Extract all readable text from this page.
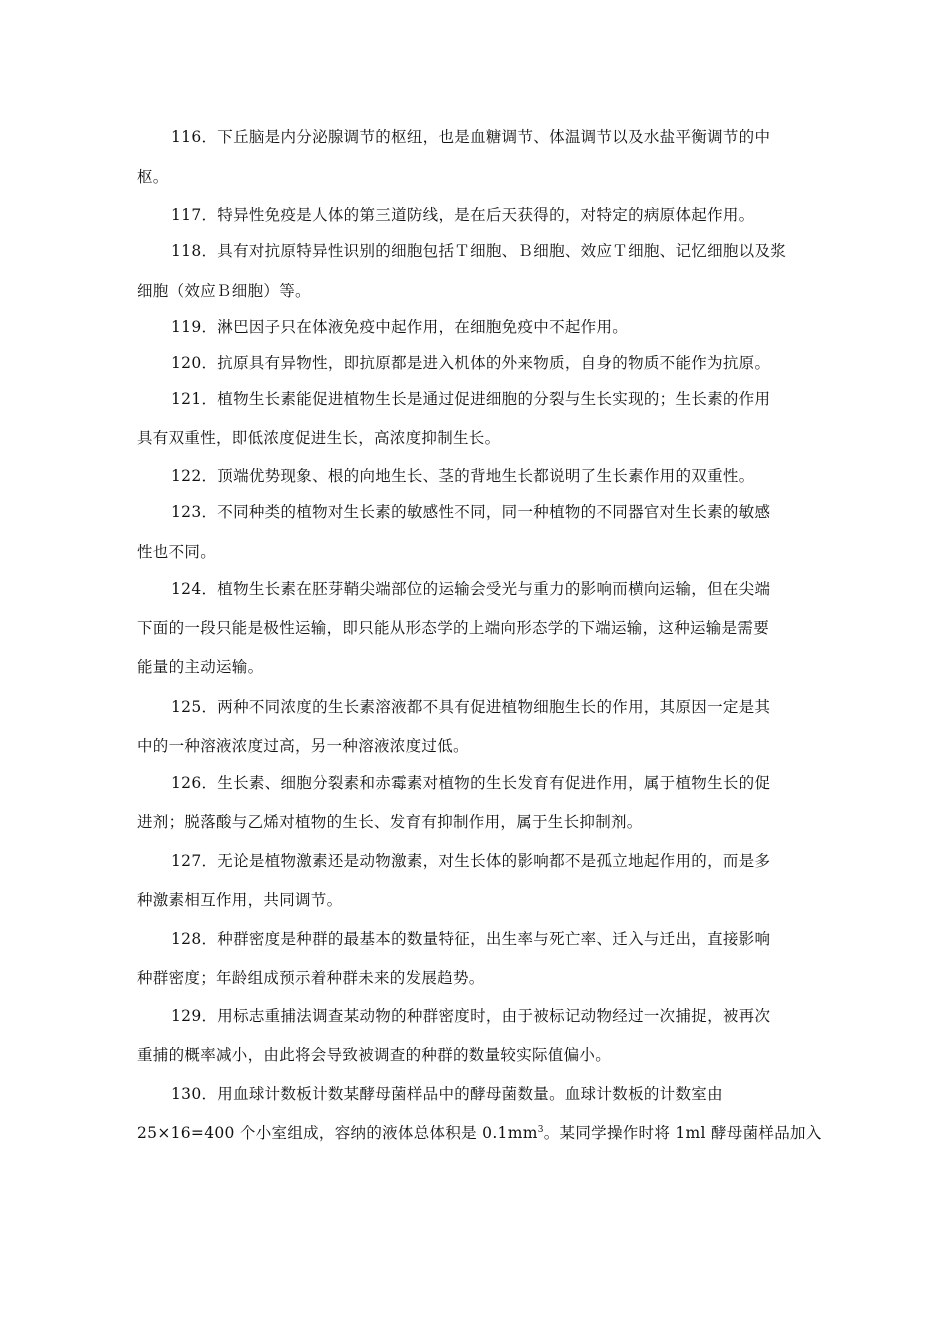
116．下丘脑是内分泌腺调节的枢纽，也是血糖调节、体温调节以及水盐平衡调节的中
枢。
117．特异性免疫是人体的第三道防线，是在后天获得的，对特定的病原体起作用。
118．具有对抗原特异性识别的细胞包括Ｔ细胞、Ｂ细胞、效应Ｔ细胞、记忆细胞以及浆
细胞（效应Ｂ细胞）等。
119．淋巴因子只在体液免疫中起作用，在细胞免疫中不起作用。
120．抗原具有异物性，即抗原都是进入机体的外来物质，自身的物质不能作为抗原。
121．植物生长素能促进植物生长是通过促进细胞的分裂与生长实现的；生长素的作用
具有双重性，即低浓度促进生长，高浓度抑制生长。
122．顶端优势现象、根的向地生长、茎的背地生长都说明了生长素作用的双重性。
123．不同种类的植物对生长素的敏感性不同，同一种植物的不同器官对生长素的敏感
性也不同。
124．植物生长素在胚芽鞘尖端部位的运输会受光与重力的影响而横向运输，但在尖端
下面的一段只能是极性运输，即只能从形态学的上端向形态学的下端运输，这种运输是需要
能量的主动运输。
125．两种不同浓度的生长素溶液都不具有促进植物细胞生长的作用，其原因一定是其
中的一种溶液浓度过高，另一种溶液浓度过低。
126．生长素、细胞分裂素和赤霉素对植物的生长发育有促进作用，属于植物生长的促
进剂；脱落酸与乙烯对植物的生长、发育有抑制作用，属于生长抑制剂。
127．无论是植物激素还是动物激素，对生长体的影响都不是孤立地起作用的，而是多
种激素相互作用，共同调节。
128．种群密度是种群的最基本的数量特征，出生率与死亡率、迁入与迁出，直接影响
种群密度；年龄组成预示着种群未来的发展趋势。
129．用标志重捕法调查某动物的种群密度时，由于被标记动物经过一次捕捉，被再次
重捕的概率减小，由此将会导致被调查的种群的数量较实际值偏小。
130．用血球计数板计数某酵母菌样品中的酵母菌数量。血球计数板的计数室由
25×16=400 个小室组成，容纳的液体总体积是 $0.1mm^3$。某同学操作时将 1ml 酵母菌样品加入
